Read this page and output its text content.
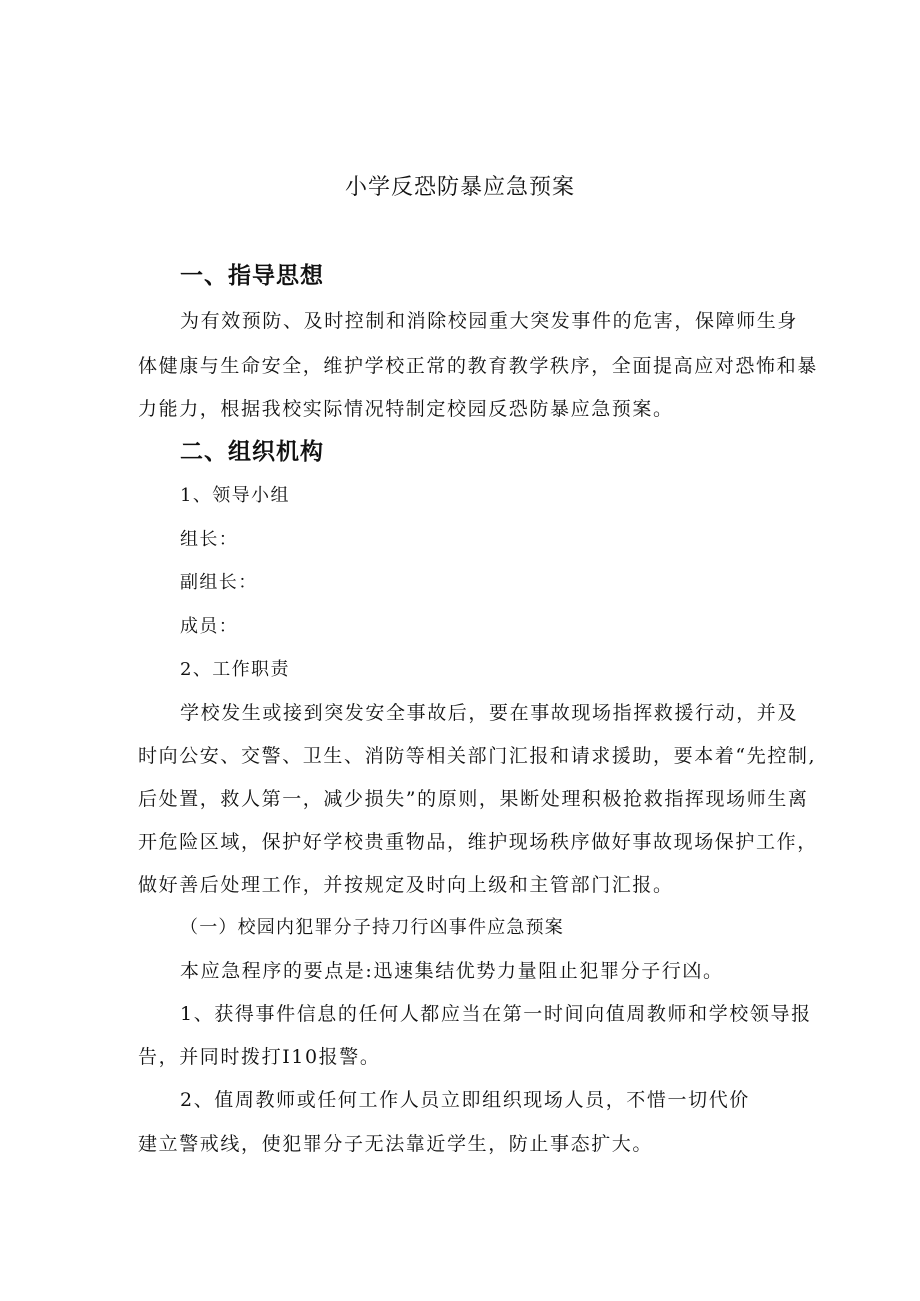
小学反恐防暴应急预案
一、指导思想
为有效预防、及时控制和消除校园重大突发事件的危害，保障师生身
体健康与生命安全，维护学校正常的教育教学秩序，全面提高应对恐怖和暴
力能力，根据我校实际情况特制定校园反恐防暴应急预案。
二、组织机构
1、领导小组
组长：
副组长：
成员：
2、工作职责
学校发生或接到突发安全事故后，要在事故现场指挥救援行动，并及
时向公安、交警、卫生、消防等相关部门汇报和请求援助，要本着“先控制,
后处置，救人第一，减少损失”的原则，果断处理积极抢救指挥现场师生离
开危险区域，保护好学校贵重物品，维护现场秩序做好事故现场保护工作，
做好善后处理工作，并按规定及时向上级和主管部门汇报。
（一）校园内犯罪分子持刀行凶事件应急预案
本应急程序的要点是:迅速集结优势力量阻止犯罪分子行凶。
1、获得事件信息的任何人都应当在第一时间向值周教师和学校领导报
告，并同时拨打I10报警。
2、值周教师或任何工作人员立即组织现场人员，不惜一切代价
建立警戒线，使犯罪分子无法靠近学生，防止事态扩大。
